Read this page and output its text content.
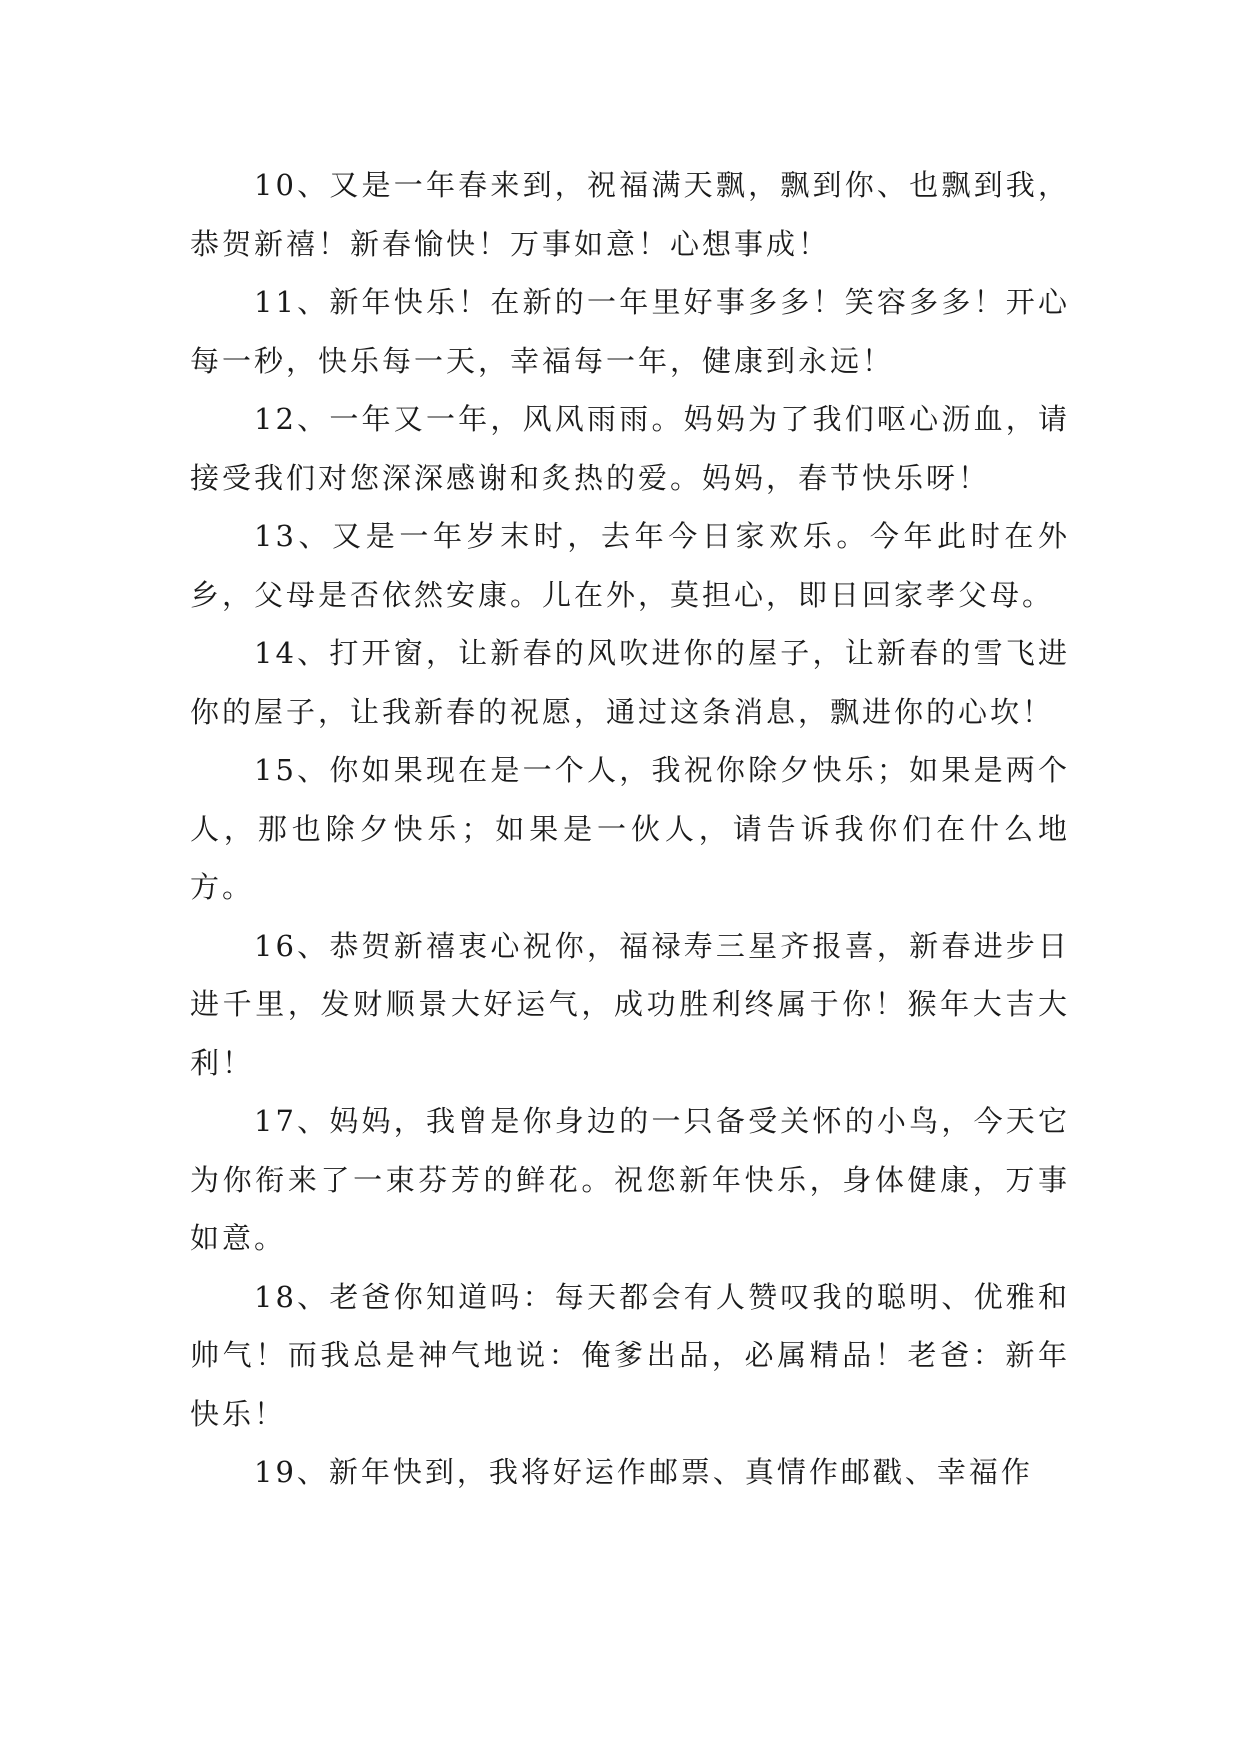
10、又是一年春来到，祝福满天飘，飘到你、也飘到我，恭贺新禧！新春愉快！万事如意！心想事成！

11、新年快乐！在新的一年里好事多多！笑容多多！开心每一秒，快乐每一天，幸福每一年，健康到永远！

12、一年又一年，风风雨雨。妈妈为了我们呕心沥血，请接受我们对您深深感谢和炙热的爱。妈妈，春节快乐呀！

13、又是一年岁末时，去年今日家欢乐。今年此时在外乡，父母是否依然安康。儿在外，莫担心，即日回家孝父母。

14、打开窗，让新春的风吹进你的屋子，让新春的雪飞进你的屋子，让我新春的祝愿，通过这条消息，飘进你的心坎！

15、你如果现在是一个人，我祝你除夕快乐；如果是两个人，那也除夕快乐；如果是一伙人，请告诉我你们在什么地方。

16、恭贺新禧衷心祝你，福禄寿三星齐报喜，新春进步日进千里，发财顺景大好运气，成功胜利终属于你！猴年大吉大利！

17、妈妈，我曾是你身边的一只备受关怀的小鸟，今天它为你衔来了一束芬芳的鲜花。祝您新年快乐，身体健康，万事如意。

18、老爸你知道吗：每天都会有人赞叹我的聪明、优雅和帅气！而我总是神气地说：俺爹出品，必属精品！老爸：新年快乐！

19、新年快到，我将好运作邮票、真情作邮戳、幸福作
